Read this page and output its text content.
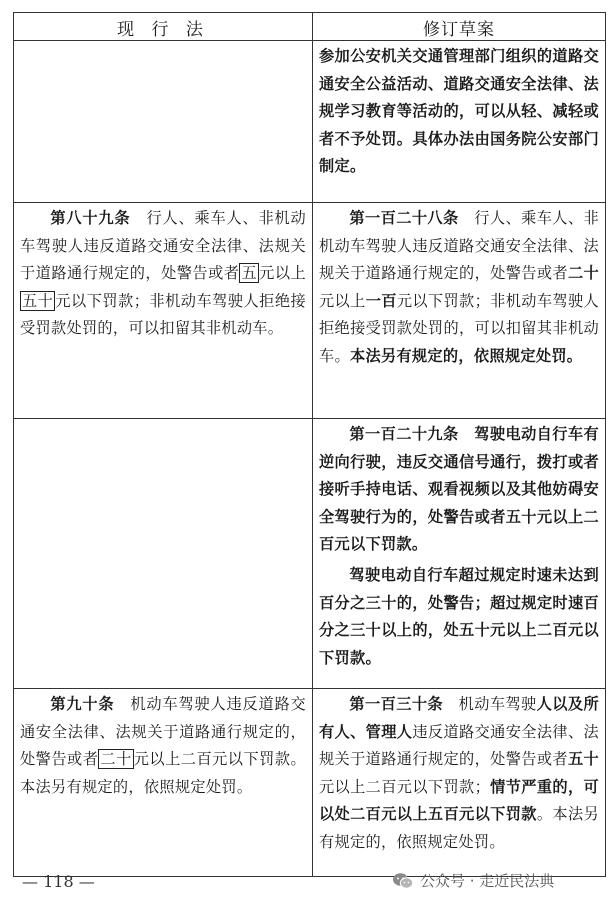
现 行 法	修订草案
	参加公安机关交通管理部门组织的道路交通安全公益活动、道路交通安全法律、法规学习教育等活动的，可以从轻、减轻或者不予处罚。具体办法由国务院公安部门制定。
第八十九条　行人、乘车人、非机动车驾驶人违反道路交通安全法律、法规关于道路通行规定的，处警告或者 五 元以上五十 元以下罚款；非机动车驾驶人拒绝接受罚款处罚的，可以扣留其非机动车。	第一百二十八条　行人、乘车人、非机动车驾驶人违反道路交通安全法律、法规关于道路通行规定的，处警告或者二十元以上一百元以下罚款；非机动车驾驶人拒绝接受罚款处罚的，可以扣留其非机动车。本法另有规定的，依照规定处罚。

	第一百二十九条　驾驶电动自行车有逆向行驶，违反交通信号通行，拨打或者接听手持电话、观看视频以及其他妨碍安全驾驶行为的，处警告或者五十元以上二百元以下罚款。

驾驶电动自行车超过规定时速未达到百分之三十的，处警告；超过规定时速百分之三十以上的，处五十元以上二百元以下罚款。

第九十条　机动车驾驶人违反道路交通安全法律、法规关于道路通行规定的，处警告或者 二十 元以上二百元以下罚款。本法另有规定的，依照规定处罚。	第一百三十条　机动车驾驶人以及所有人、管理人违反道路交通安全法律、法规关于道路通行规定的，处警告或者五十元以上二百元以下罚款；情节严重的，可以处二百元以上五百元以下罚款。本法另有规定的，依照规定处罚。
— 118 —	公众号 · 走近民法典
